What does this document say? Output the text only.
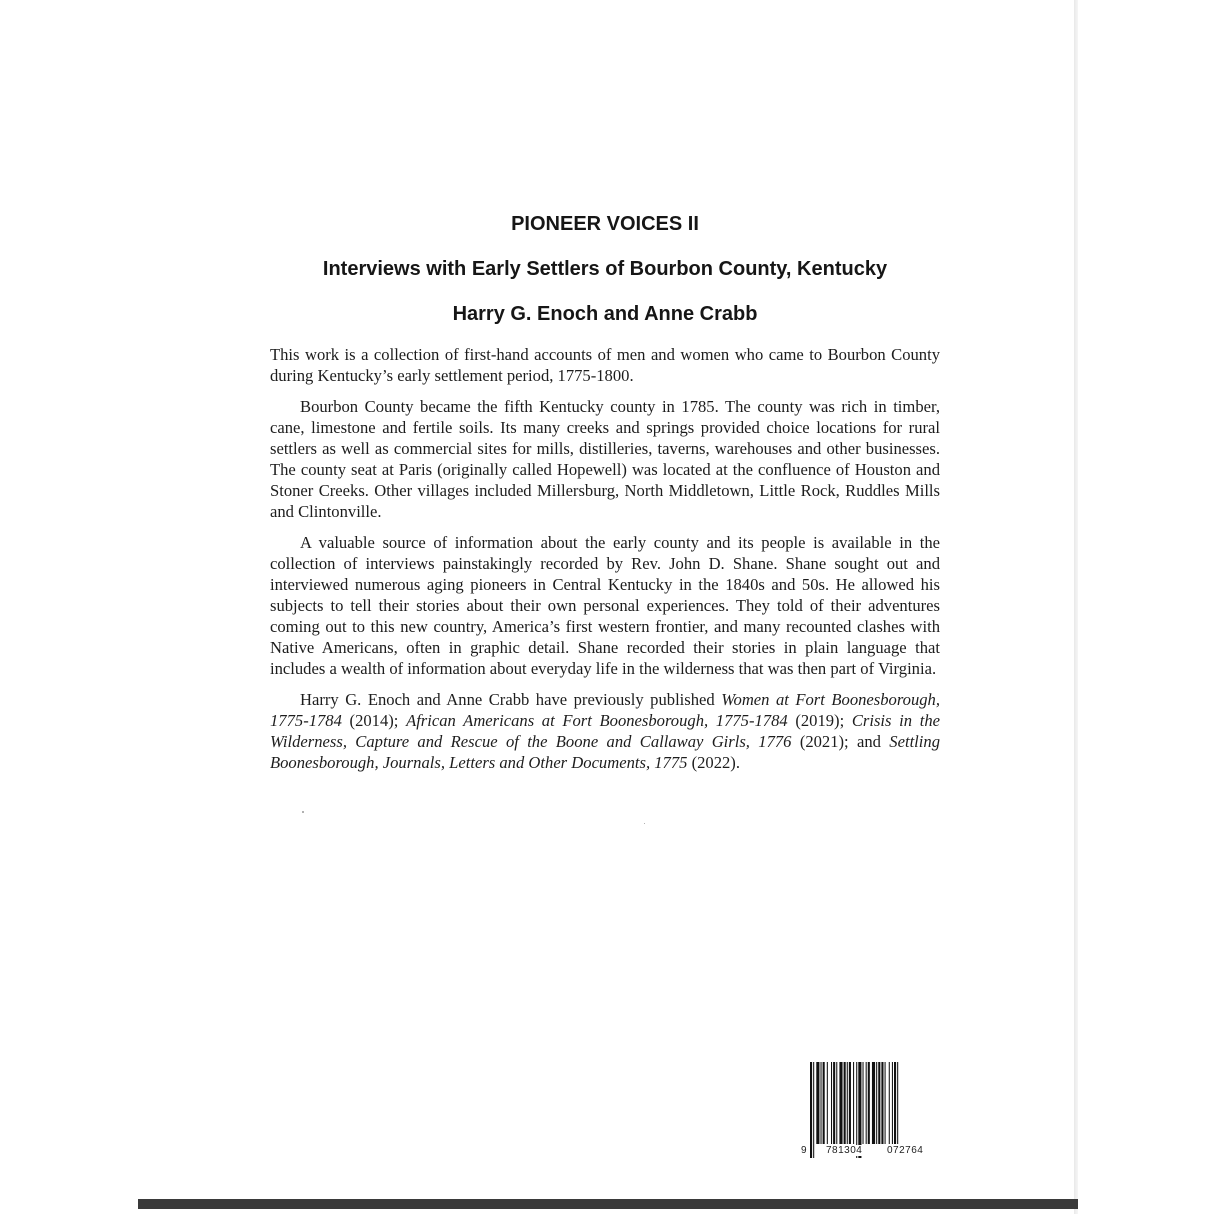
PIONEER VOICES II
Interviews with Early Settlers of Bourbon County, Kentucky
Harry G. Enoch and Anne Crabb

This work is a collection of first-hand accounts of men and women who came to Bourbon County during Kentucky’s early settlement period, 1775-1800.

Bourbon County became the fifth Kentucky county in 1785. The county was rich in timber, cane, limestone and fertile soils. Its many creeks and springs provided choice locations for rural settlers as well as commercial sites for mills, distilleries, taverns, warehouses and other businesses. The county seat at Paris (originally called Hopewell) was located at the confluence of Houston and Stoner Creeks. Other villages included Millersburg, North Middletown, Little Rock, Ruddles Mills and Clintonville.

A valuable source of information about the early county and its people is available in the collection of interviews painstakingly recorded by Rev. John D. Shane. Shane sought out and interviewed numerous aging pioneers in Central Kentucky in the 1840s and 50s. He allowed his subjects to tell their stories about their own personal experiences. They told of their adventures coming out to this new country, America’s first western frontier, and many recounted clashes with Native Americans, often in graphic detail. Shane recorded their stories in plain language that includes a wealth of information about everyday life in the wilderness that was then part of Virginia.

Harry G. Enoch and Anne Crabb have previously published Women at Fort Boonesborough, 1775-1784 (2014); African Americans at Fort Boonesborough, 1775-1784 (2019); Crisis in the Wilderness, Capture and Rescue of the Boone and Callaway Girls, 1776 (2021); and Settling Boonesborough, Journals, Letters and Other Documents, 1775 (2022).

9 781304 072764
